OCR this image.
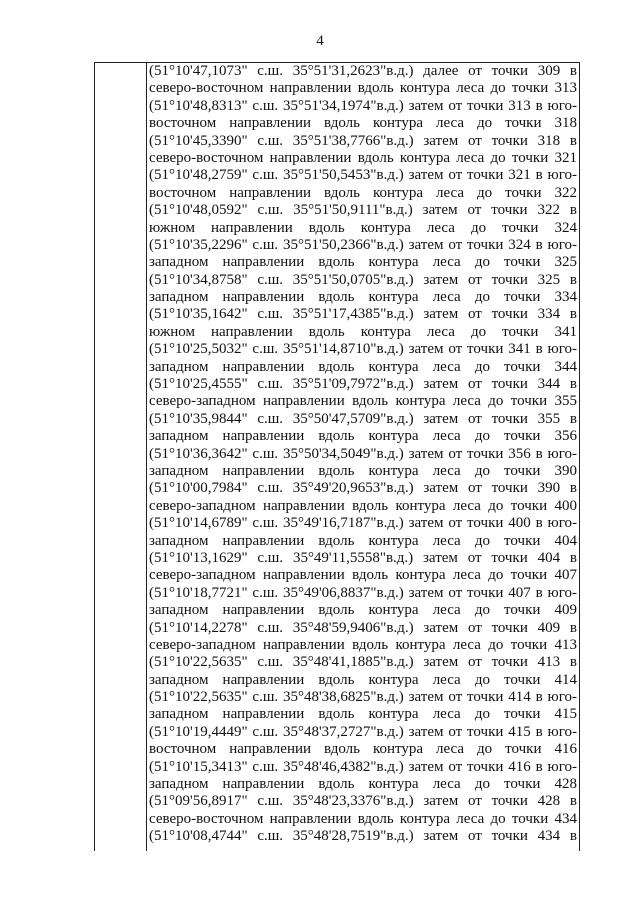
4
(51°10'47,1073" с.ш. 35°51'31,2623"в.д.) далее от точки 309 в
северо-восточном направлении вдоль контура леса до точки 313
(51°10'48,8313" с.ш. 35°51'34,1974"в.д.) затем от точки 313 в юго-
восточном направлении вдоль контура леса до точки 318
(51°10'45,3390" с.ш. 35°51'38,7766"в.д.) затем от точки 318 в
северо-восточном направлении вдоль контура леса до точки 321
(51°10'48,2759" с.ш. 35°51'50,5453"в.д.) затем от точки 321 в юго-
восточном направлении вдоль контура леса до точки 322
(51°10'48,0592" с.ш. 35°51'50,9111"в.д.) затем от точки 322 в
южном направлении вдоль контура леса до точки 324
(51°10'35,2296" с.ш. 35°51'50,2366"в.д.) затем от точки 324 в юго-
западном направлении вдоль контура леса до точки 325
(51°10'34,8758" с.ш. 35°51'50,0705"в.д.) затем от точки 325 в
западном направлении вдоль контура леса до точки 334
(51°10'35,1642" с.ш. 35°51'17,4385"в.д.) затем от точки 334 в
южном направлении вдоль контура леса до точки 341
(51°10'25,5032" с.ш. 35°51'14,8710"в.д.) затем от точки 341 в юго-
западном направлении вдоль контура леса до точки 344
(51°10'25,4555" с.ш. 35°51'09,7972"в.д.) затем от точки 344 в
северо-западном направлении вдоль контура леса до точки 355
(51°10'35,9844" с.ш. 35°50'47,5709"в.д.) затем от точки 355 в
западном направлении вдоль контура леса до точки 356
(51°10'36,3642" с.ш. 35°50'34,5049"в.д.) затем от точки 356 в юго-
западном направлении вдоль контура леса до точки 390
(51°10'00,7984" с.ш. 35°49'20,9653"в.д.) затем от точки 390 в
северо-западном направлении вдоль контура леса до точки 400
(51°10'14,6789" с.ш. 35°49'16,7187"в.д.) затем от точки 400 в юго-
западном направлении вдоль контура леса до точки 404
(51°10'13,1629" с.ш. 35°49'11,5558"в.д.) затем от точки 404 в
северо-западном направлении вдоль контура леса до точки 407
(51°10'18,7721" с.ш. 35°49'06,8837"в.д.) затем от точки 407 в юго-
западном направлении вдоль контура леса до точки 409
(51°10'14,2278" с.ш. 35°48'59,9406"в.д.) затем от точки 409 в
северо-западном направлении вдоль контура леса до точки 413
(51°10'22,5635" с.ш. 35°48'41,1885"в.д.) затем от точки 413 в
западном направлении вдоль контура леса до точки 414
(51°10'22,5635" с.ш. 35°48'38,6825"в.д.) затем от точки 414 в юго-
западном направлении вдоль контура леса до точки 415
(51°10'19,4449" с.ш. 35°48'37,2727"в.д.) затем от точки 415 в юго-
восточном направлении вдоль контура леса до точки 416
(51°10'15,3413" с.ш. 35°48'46,4382"в.д.) затем от точки 416 в юго-
западном направлении вдоль контура леса до точки 428
(51°09'56,8917" с.ш. 35°48'23,3376"в.д.) затем от точки 428 в
северо-восточном направлении вдоль контура леса до точки 434
(51°10'08,4744" с.ш. 35°48'28,7519"в.д.) затем от точки 434 в
